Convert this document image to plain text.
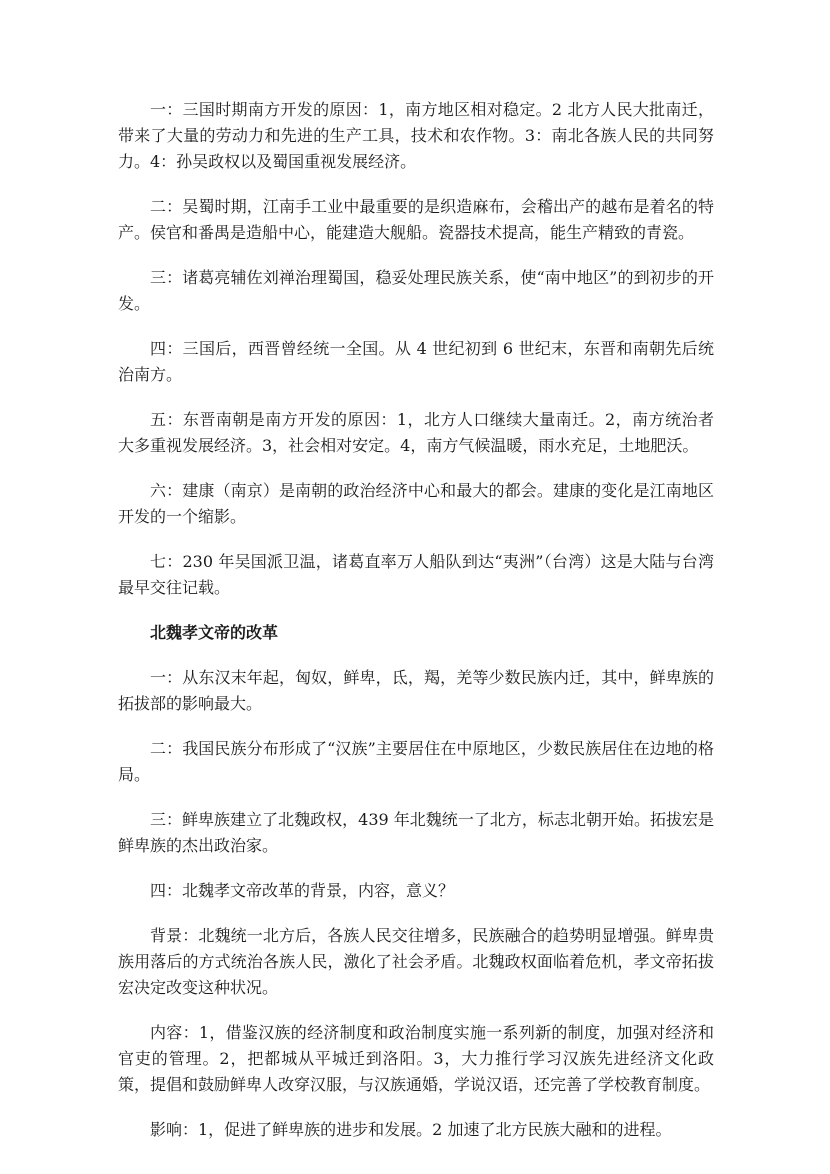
一：三国时期南方开发的原因：1，南方地区相对稳定。2 北方人民大批南迁，带来了大量的劳动力和先进的生产工具，技术和农作物。3：南北各族人民的共同努力。4：孙吴政权以及蜀国重视发展经济。

二：吴蜀时期，江南手工业中最重要的是织造麻布，会稽出产的越布是着名的特产。侯官和番禺是造船中心，能建造大舰船。瓷器技术提高，能生产精致的青瓷。

三：诸葛亮辅佐刘禅治理蜀国，稳妥处理民族关系，使“南中地区”的到初步的开发。

四：三国后，西晋曾经统一全国。从 4 世纪初到 6 世纪末，东晋和南朝先后统治南方。

五：东晋南朝是南方开发的原因：1，北方人口继续大量南迁。2，南方统治者大多重视发展经济。3，社会相对安定。4，南方气候温暖，雨水充足，土地肥沃。

六：建康（南京）是南朝的政治经济中心和最大的都会。建康的变化是江南地区开发的一个缩影。

七：230 年吴国派卫温，诸葛直率万人船队到达“夷洲”（台湾）这是大陆与台湾最早交往记载。

北魏孝文帝的改革

一：从东汉末年起，匈奴，鲜卑，氐，羯，羌等少数民族内迁，其中，鲜卑族的拓拔部的影响最大。

二：我国民族分布形成了“汉族”主要居住在中原地区，少数民族居住在边地的格局。

三：鲜卑族建立了北魏政权，439 年北魏统一了北方，标志北朝开始。拓拔宏是鲜卑族的杰出政治家。

四：北魏孝文帝改革的背景，内容，意义？

背景：北魏统一北方后，各族人民交往增多，民族融合的趋势明显增强。鲜卑贵族用落后的方式统治各族人民，激化了社会矛盾。北魏政权面临着危机，孝文帝拓拔宏决定改变这种状况。

内容：1，借鉴汉族的经济制度和政治制度实施一系列新的制度，加强对经济和官吏的管理。2，把都城从平城迁到洛阳。3，大力推行学习汉族先进经济文化政策，提倡和鼓励鲜卑人改穿汉服，与汉族通婚，学说汉语，还完善了学校教育制度。

影响：1，促进了鲜卑族的进步和发展。2 加速了北方民族大融和的进程。
